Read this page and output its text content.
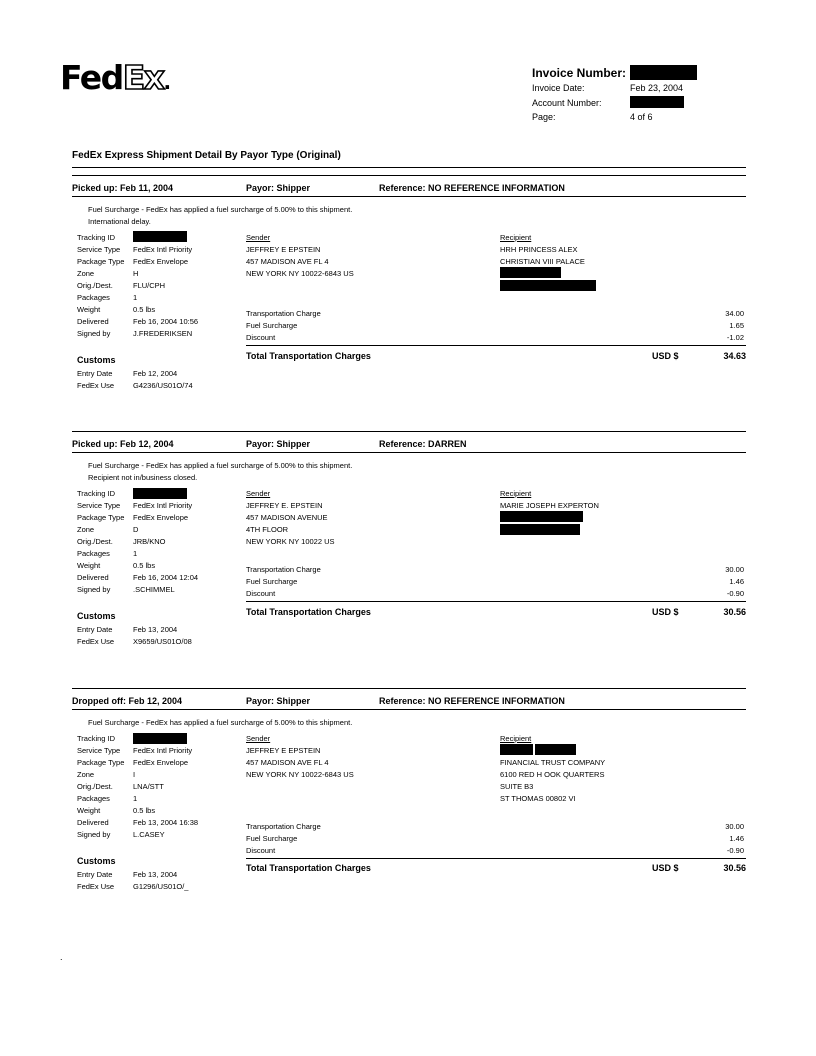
FedEx.	Invoice Number:
Invoice Date:	Feb 23, 2004
Account Number:
Page:	4 of 6
FedEx Express Shipment Detail By Payor Type (Original)
Picked up: Feb 11, 2004	Payor: Shipper	Reference: NO REFERENCE INFORMATION
Fuel Surcharge - FedEx has applied a fuel surcharge of 5.00% to this shipment.
International delay.
Tracking ID
Service Type FedEx Intl Priority
Package Type FedEx Envelope
Zone	H
Orig./Dest.	FLU/CPH
Packages	1
Weight	0.5 lbs
Delivered	Feb 16, 2004 10:56
Signed by	J.FREDERIKSEN
Customs
Entry Date	Feb 12, 2004
FedEx Use	G4236/US01O/74
Sender
JEFFREY E EPSTEIN
457 MADISON AVE FL 4
NEW YORK NY 10022-6843 US
Recipient
HRH PRINCESS ALEX
CHRISTIAN VIII PALACE
Transportation Charge	34.00
Fuel Surcharge	1.65
Discount	-1.02
Total Transportation Charges	USD $	34.63
Picked up: Feb 12, 2004	Payor: Shipper	Reference: DARREN
Fuel Surcharge - FedEx has applied a fuel surcharge of 5.00% to this shipment.
Recipient not in/business closed.
Tracking ID
Service Type FedEx Intl Priority
Package Type FedEx Envelope
Zone	D
Orig./Dest.	JRB/KNO
Packages	1
Weight	0.5 lbs
Delivered	Feb 16, 2004 12:04
Signed by	.SCHIMMEL
Customs
Entry Date	Feb 13, 2004
FedEx Use	X9659/US01O/08
Sender
JEFFREY E. EPSTEIN
457 MADISON AVENUE
4TH FLOOR
NEW YORK NY 10022 US
Recipient
MARIE JOSEPH EXPERTON
Transportation Charge	30.00
Fuel Surcharge	1.46
Discount	-0.90
Total Transportation Charges	USD $	30.56
Dropped off: Feb 12, 2004	Payor: Shipper	Reference: NO REFERENCE INFORMATION
Fuel Surcharge - FedEx has applied a fuel surcharge of 5.00% to this shipment.
Tracking ID
Service Type FedEx Intl Priority
Package Type FedEx Envelope
Zone	I
Orig./Dest.	LNA/STT
Packages	1
Weight	0.5 lbs
Delivered	Feb 13, 2004 16:38
Signed by	L.CASEY
Customs
Entry Date	Feb 13, 2004
FedEx Use	G1296/US01O/_
Sender
JEFFREY E EPSTEIN
457 MADISON AVE FL 4
NEW YORK NY 10022-6843 US
Recipient
FINANCIAL TRUST COMPANY
6100 RED H OOK QUARTERS
SUITE B3
ST THOMAS 00802 VI
Transportation Charge	30.00
Fuel Surcharge	1.46
Discount	-0.90
Total Transportation Charges	USD $	30.56
.
